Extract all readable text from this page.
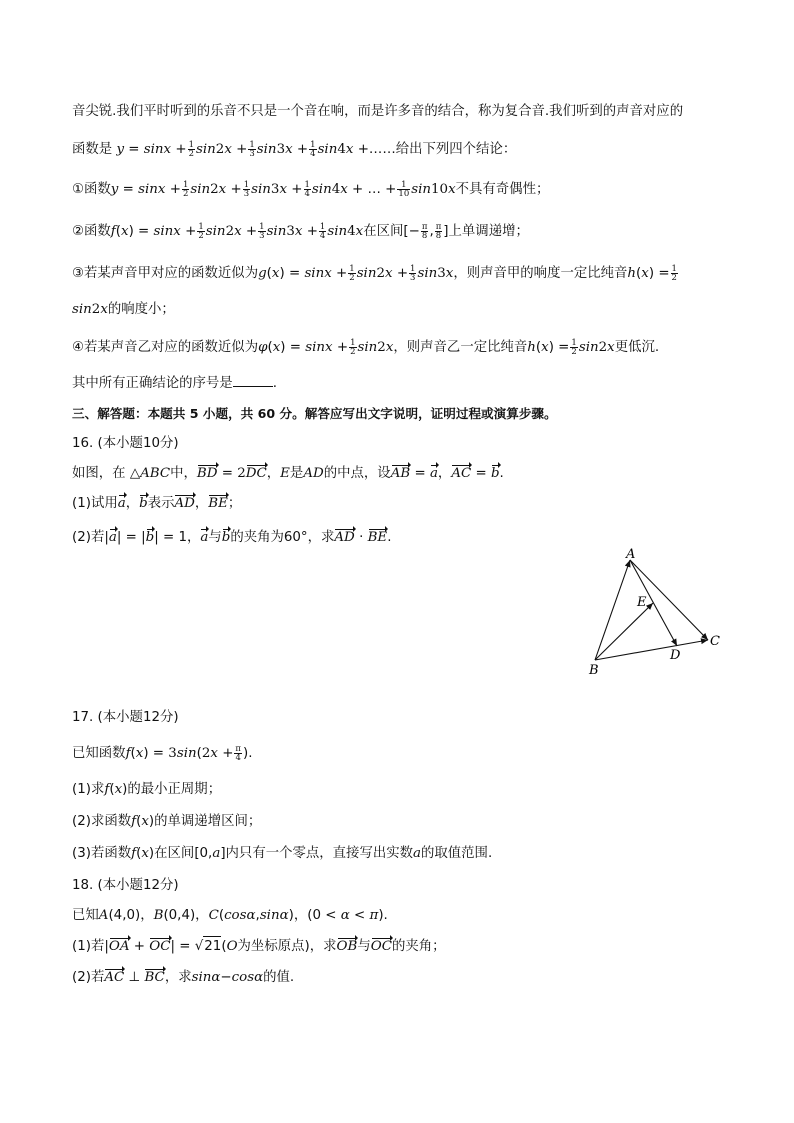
音尖锐.我们平时听到的乐音不只是一个音在响，而是许多音的结合，称为复合音.我们听到的声音对应的
函数是 $y = \sin x + \frac{1}{2} \sin 2x + \frac{1}{3} \sin 3x + \frac{1}{4} \sin 4x$ +……给出下列四个结论：
①函数$y = \sin x + \frac{1}{2} \sin 2x + \frac{1}{3} \sin 3x + \frac{1}{4} \sin 4x$ + … + $\frac{1}{10} \sin 10x$不具有奇偶性；
②函数$f(x) = \sin x + \frac{1}{2} \sin 2x + \frac{1}{3} \sin 3x + \frac{1}{4} \sin 4x$在区间[− $\frac{\pi}{8}$ , $\frac{\pi}{8}$ ]上单调递增；
③若某声音甲对应的函数近似为$g(x) = \sin x + \frac{1}{2} \sin 2x + \frac{1}{3} \sin 3x$，则声音甲的响度一定比纯音$h(x) = \frac{1}{2}$
sin2x的响度小；
④若某声音乙对应的函数近似为$\varphi(x) = \sin x + \frac{1}{2} \sin 2x$，则声音乙一定比纯音$h(x) = \frac{1}{2} \sin 2x$更低沉.
其中所有正确结论的序号是	.
三、解答题：本题共 5 小题，共 60 分。解答应写出文字说明，证明过程或演算步骤。
16. (本小题10分)
如图，在 △ABC中，BD = 2DC，E是AD的中点，设AB = a，AC = b.
(1)试用a，b表示AD，BE；
(2)若|a| = |b| = 1，a与b的夹角为60°，求AD · BE.
A
E
C
D
B
17. (本小题12分)
已知函数$f(x) = 3\sin(2x + \frac{\pi}{4}$ ).
(1)求f(x)的最小正周期；
(2)求函数f(x)的单调递增区间；
(3)若函数f(x)在区间[0,a]内只有一个零点，直接写出实数a的取值范围.
18. (本小题12分)
已知A(4,0)，B(0,4)，C(cosα,sinα)，(0 < α < π).
(1)若|OA + OC| = √21(O为坐标原点)，求OB与OC的夹角；
(2)若AC ⊥ BC，求sinα−cosα的值.
